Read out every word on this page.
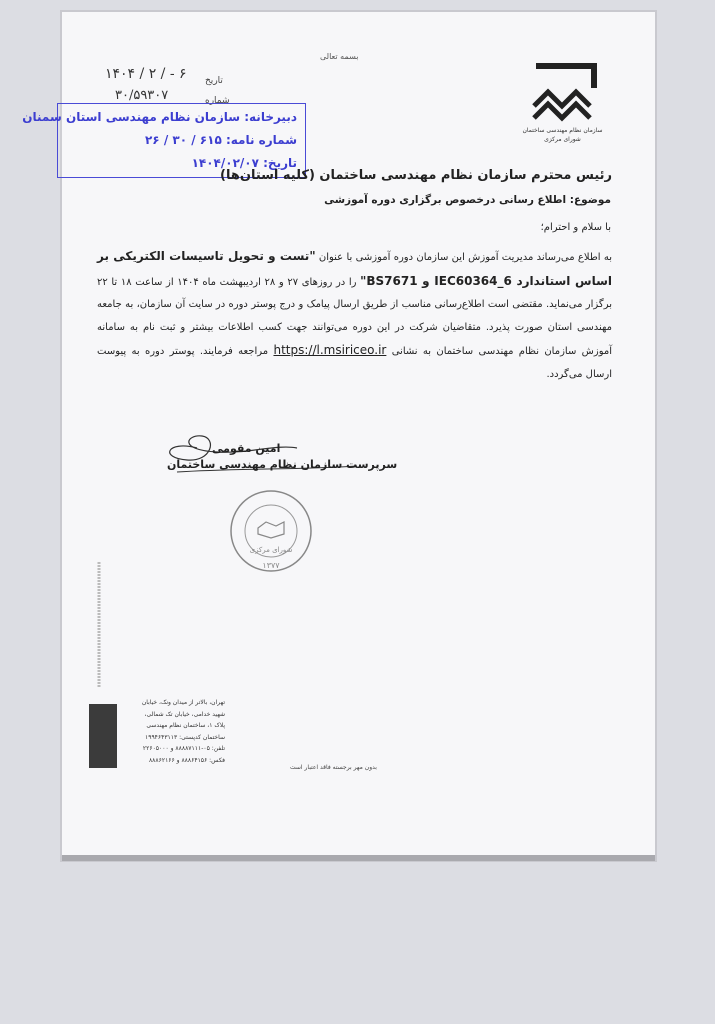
بسمه تعالی
سازمان نظام مهندسی ساختمان
شورای مرکزی
۱۴۰۴ / ۲ / - ۶ تاریخ
۳۰/۵۹۳۰۷	شماره
دبیرخانه: سازمان نظام مهندسی استان سمنان
شماره نامه: ۶۱۵ / ۳۰ / ۲۶
تاریخ: ۱۴۰۴/۰۲/۰۷
رئیس محترم سازمان نظام مهندسی ساختمان (کلیه استان‌ها)
موضوع: اطلاع رسانی درخصوص برگزاری دوره آموزشی
با سلام و احترام؛
به اطلاع می‌رساند مدیریت آموزش این سازمان دوره آموزشی با عنوان "تست و تحویل تاسیسات الکتریکی بر اساس استاندارد IEC60364_6 و BS7671" را در روزهای ۲۷ و ۲۸ اردیبهشت ماه ۱۴۰۴ از ساعت ۱۸ تا ۲۲ برگزار می‌نماید. مقتضی است اطلاع‌رسانی مناسب از طریق ارسال پیامک و درج پوستر دوره در سایت آن سازمان، به جامعه مهندسی استان صورت پذیرد. متقاضیان شرکت در این دوره می‌توانند جهت کسب اطلاعات بیشتر و ثبت نام به سامانه آموزش سازمان نظام مهندسی ساختمان به نشانی https://l.msiriceo.ir مراجعه فرمایند. پوستر دوره به پیوست ارسال می‌گردد.
امین مقومی
سرپرست سازمان نظام مهندسی ساختمان
شورای مرکزی
۱۳۷۷
تهران، بالاتر از میدان ونک، خیابان
شهید خدامی، خیابان تک شمالی،
پلاک ۱، ساختمان نظام مهندسی
ساختمان کدپستی: ۱۹۹۴۶۴۳۱۱۳
تلفن: ۰۵-۸۸۸۸۷۱۱۱ و ۲۲۶۰۵۰۰۰
فکس: ۸۸۸۶۴۱۵۶ و ۸۸۸۶۲۱۶۶
بدون مهر برجسته فاقد اعتبار است
